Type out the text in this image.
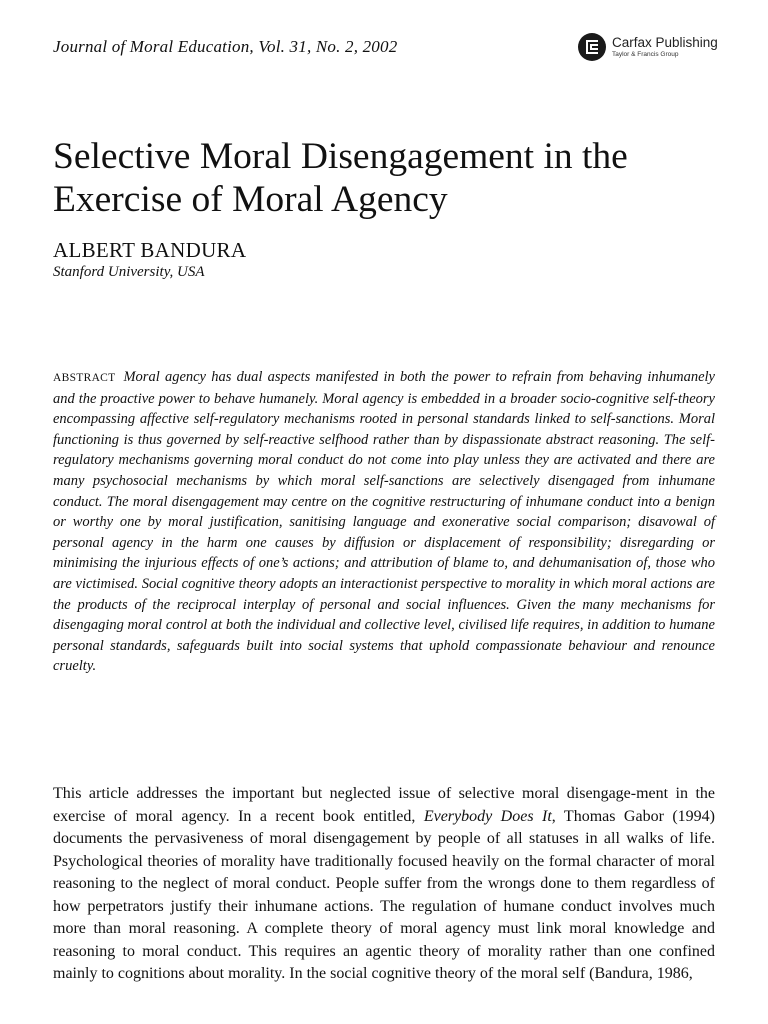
Journal of Moral Education, Vol. 31, No. 2, 2002	Carfax Publishing
Taylor & Francis Group
Selective Moral Disengagement in the Exercise of Moral Agency
ALBERT BANDURA
Stanford University, USA

ABSTRACT Moral agency has dual aspects manifested in both the power to refrain from behaving inhumanely and the proactive power to behave humanely. Moral agency is embedded in a broader socio-cognitive self-theory encompassing affective self-regulatory mechanisms rooted in personal standards linked to self-sanctions. Moral functioning is thus governed by self-reactive selfhood rather than by dispassionate abstract reasoning. The self-regulatory mechanisms governing moral conduct do not come into play unless they are activated and there are many psychosocial mechanisms by which moral self-sanctions are selectively disengaged from inhumane conduct. The moral disengagement may centre on the cognitive restructuring of inhumane conduct into a benign or worthy one by moral justification, sanitising language and exonerative social comparison; disavowal of personal agency in the harm one causes by diffusion or displacement of responsibility; disregarding or minimising the injurious effects of one’s actions; and attribution of blame to, and dehumanisation of, those who are victimised. Social cognitive theory adopts an interactionist perspective to morality in which moral actions are the products of the reciprocal interplay of personal and social influences. Given the many mechanisms for disengaging moral control at both the individual and collective level, civilised life requires, in addition to humane personal standards, safeguards built into social systems that uphold compassionate behaviour and renounce cruelty.

This article addresses the important but neglected issue of selective moral disengage-ment in the exercise of moral agency. In a recent book entitled, Everybody Does It, Thomas Gabor (1994) documents the pervasiveness of moral disengagement by people of all statuses in all walks of life. Psychological theories of morality have traditionally focused heavily on the formal character of moral reasoning to the neglect of moral conduct. People suffer from the wrongs done to them regardless of how perpetrators justify their inhumane actions. The regulation of humane conduct involves much more than moral reasoning. A complete theory of moral agency must link moral knowledge and reasoning to moral conduct. This requires an agentic theory of morality rather than one confined mainly to cognitions about morality. In the social cognitive theory of the moral self (Bandura, 1986,
